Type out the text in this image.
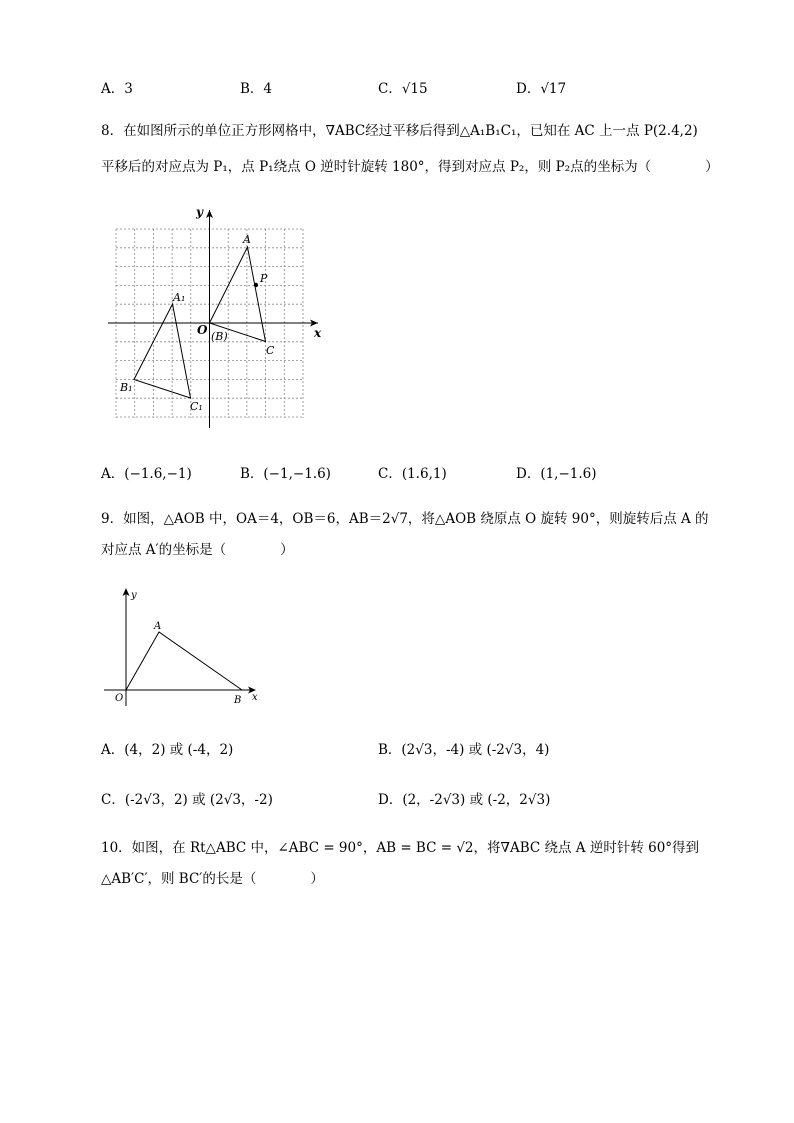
A．3	B．4	C．√15	D．√17
8．在如图所示的单位正方形网格中，∇ABC经过平移后得到△A₁B₁C₁，已知在 AC 上一点 P(2.4,2)
平移后的对应点为 P₁，点 P₁绕点 O 逆时针旋转 180°，得到对应点 P₂，则 P₂点的坐标为（　　　　）
y
x
O (B)
A
P
C
A₁
B₁
C₁
A．(−1.6,−1)	B．(−1,−1.6)	C．(1.6,1)	D．(1,−1.6)
9．如图，△AOB 中，OA＝4，OB＝6，AB＝2√7，将△AOB 绕原点 O 旋转 90°，则旋转后点 A 的
对应点 A′的坐标是（　　　　）
y
x
O
A
B
A．(4，2) 或 (-4，2)	B．(2√3，-4) 或 (-2√3，4)
C．(-2√3，2) 或 (2√3，-2)	D．(2，-2√3) 或 (-2，2√3)
10．如图，在 Rt△ABC 中，∠ABC = 90°，AB = BC = √2，将∇ABC 绕点 A 逆时针转 60°得到
△AB′C′，则 BC′的长是（　　　　）
